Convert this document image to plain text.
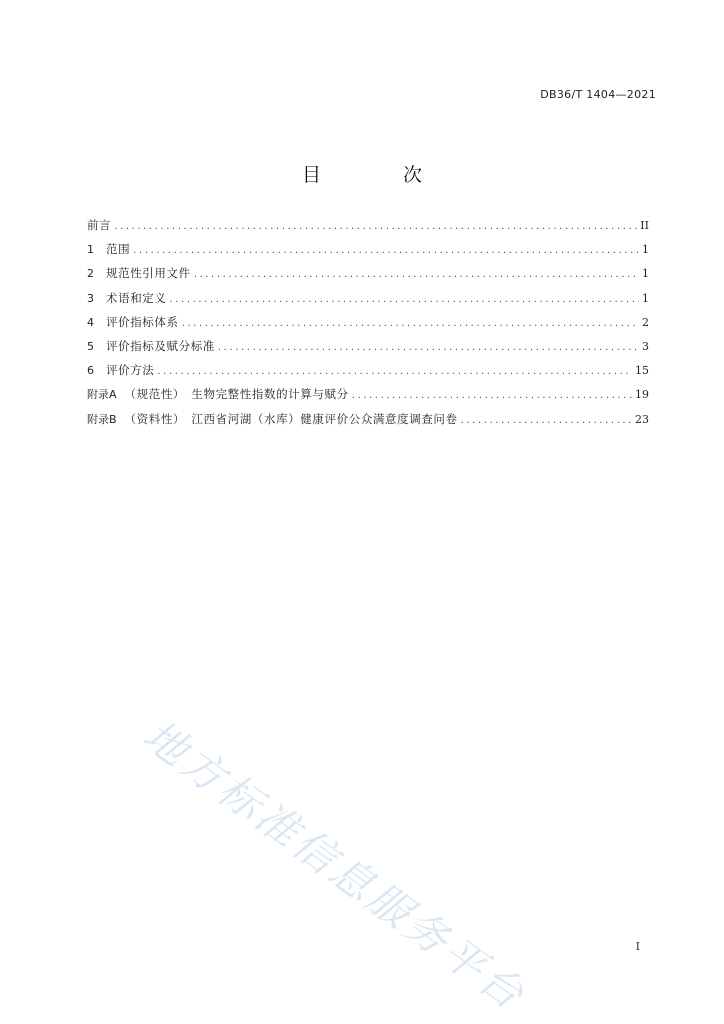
DB36/T 1404—2021
目 次
前言 .....	II
1	范围 .....	1
2	规范性引用文件 .....	1
3	术语和定义 .....	1
4	评价指标体系 .....	2
5	评价指标及赋分标准 .....	3
6	评价方法 .....	15
附录A （规范性）　生物完整性指数的计算与赋分 .....	19
附录B （资料性）　江西省河湖（水库）健康评价公众满意度调查问卷 .....	23
地方标准信息服务平台	I
